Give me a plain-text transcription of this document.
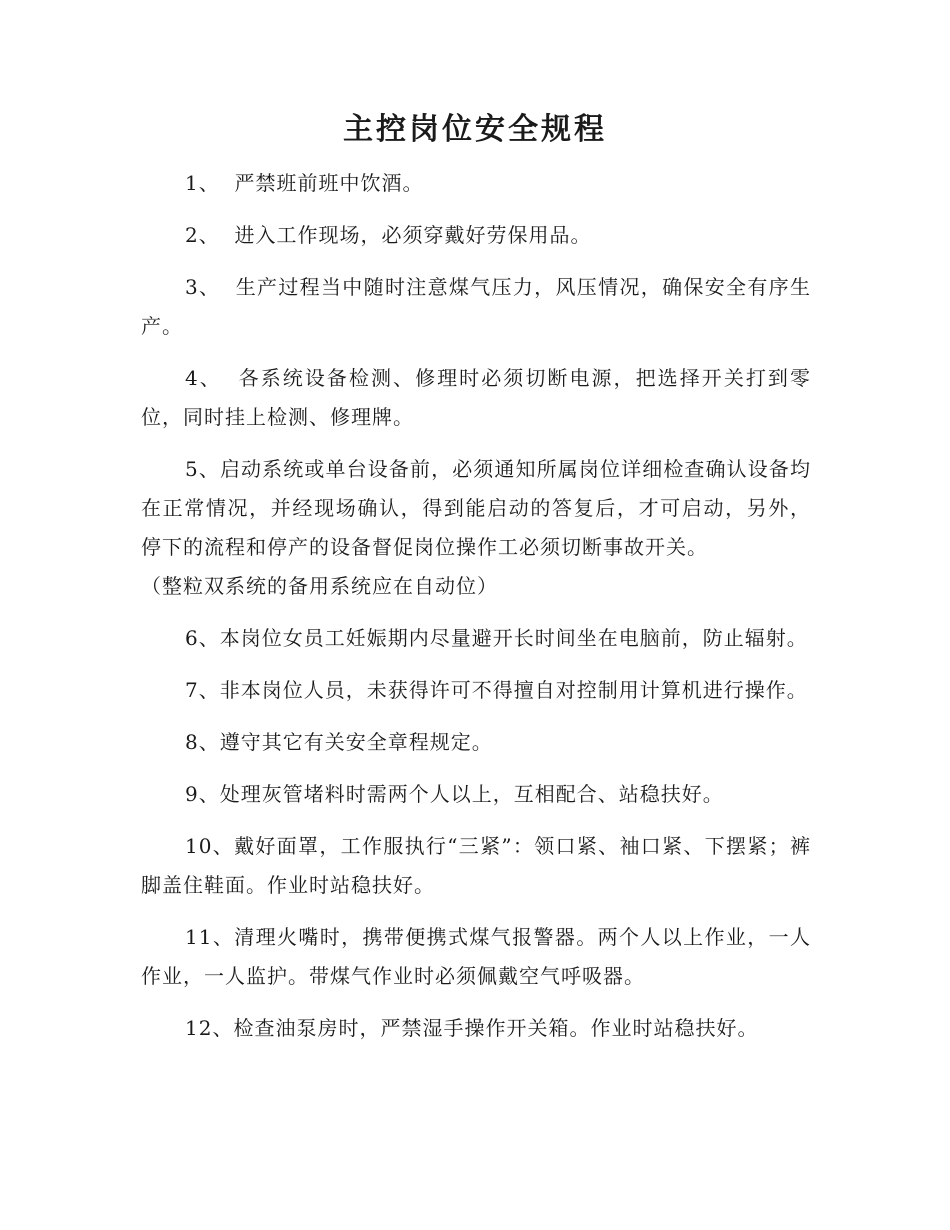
主控岗位安全规程

1、  严禁班前班中饮酒。

2、  进入工作现场，必须穿戴好劳保用品。

3、  生产过程当中随时注意煤气压力，风压情况，确保安全有序生产。

4、  各系统设备检测、修理时必须切断电源，把选择开关打到零位，同时挂上检测、修理牌。

5、启动系统或单台设备前，必须通知所属岗位详细检查确认设备均在正常情况，并经现场确认，得到能启动的答复后，才可启动，另外，停下的流程和停产的设备督促岗位操作工必须切断事故开关。

（整粒双系统的备用系统应在自动位）

6、本岗位女员工妊娠期内尽量避开长时间坐在电脑前，防止辐射。

7、非本岗位人员，未获得许可不得擅自对控制用计算机进行操作。

8、遵守其它有关安全章程规定。

9、处理灰管堵料时需两个人以上，互相配合、站稳扶好。

10、戴好面罩，工作服执行“三紧”：领口紧、袖口紧、下摆紧；裤脚盖住鞋面。作业时站稳扶好。

11、清理火嘴时，携带便携式煤气报警器。两个人以上作业，一人作业，一人监护。带煤气作业时必须佩戴空气呼吸器。

12、检查油泵房时，严禁湿手操作开关箱。作业时站稳扶好。
